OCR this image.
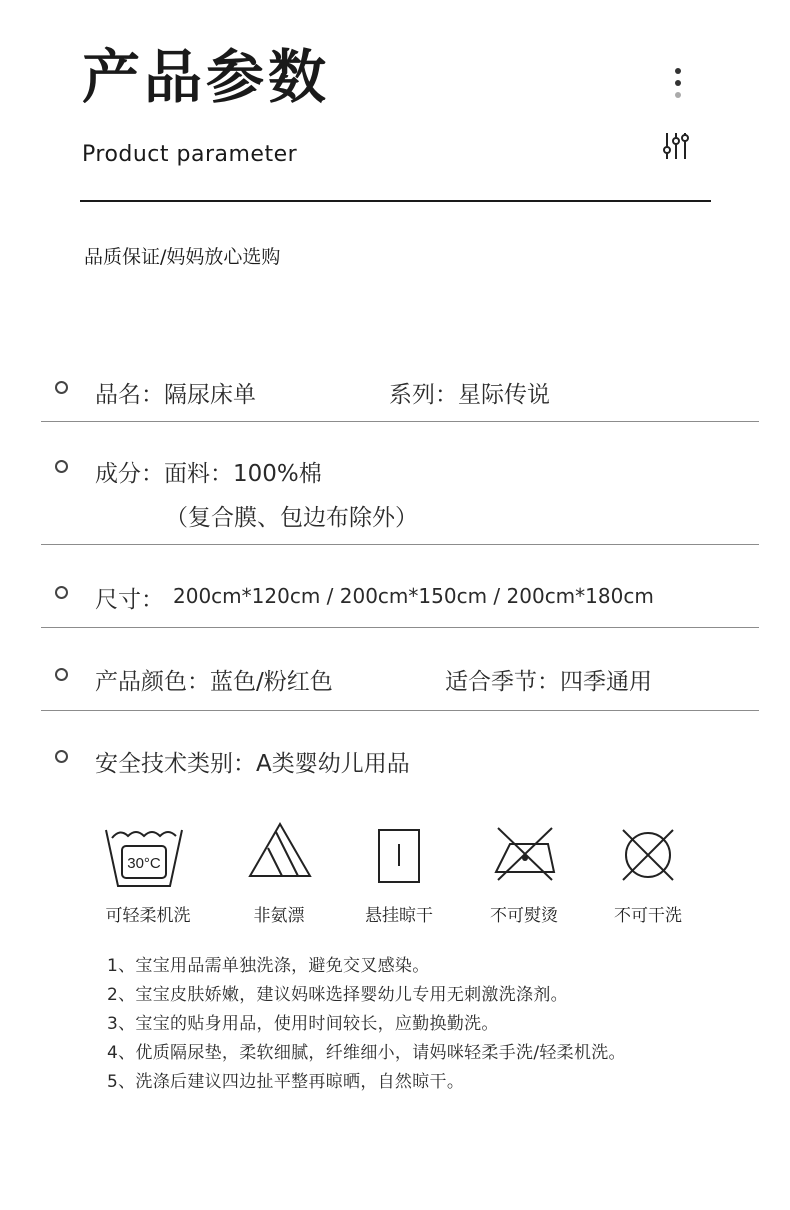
产品参数
Product parameter
品质保证/妈妈放心选购
品名：隔尿床单	系列：星际传说
成分：面料：100%棉
（复合膜、包边布除外）
尺寸： 200cm*120cm / 200cm*150cm / 200cm*180cm
产品颜色：蓝色/粉红色	适合季节：四季通用
安全技术类别：A类婴幼儿用品
30°C
可轻柔机洗	非氨漂	悬挂晾干	不可熨烫	不可干洗
1、宝宝用品需单独洗涤，避免交叉感染。
2、宝宝皮肤娇嫩，建议妈咪选择婴幼儿专用无刺激洗涤剂。
3、宝宝的贴身用品，使用时间较长，应勤换勤洗。
4、优质隔尿垫，柔软细腻，纤维细小，请妈咪轻柔手洗/轻柔机洗。
5、洗涤后建议四边扯平整再晾晒，自然晾干。
